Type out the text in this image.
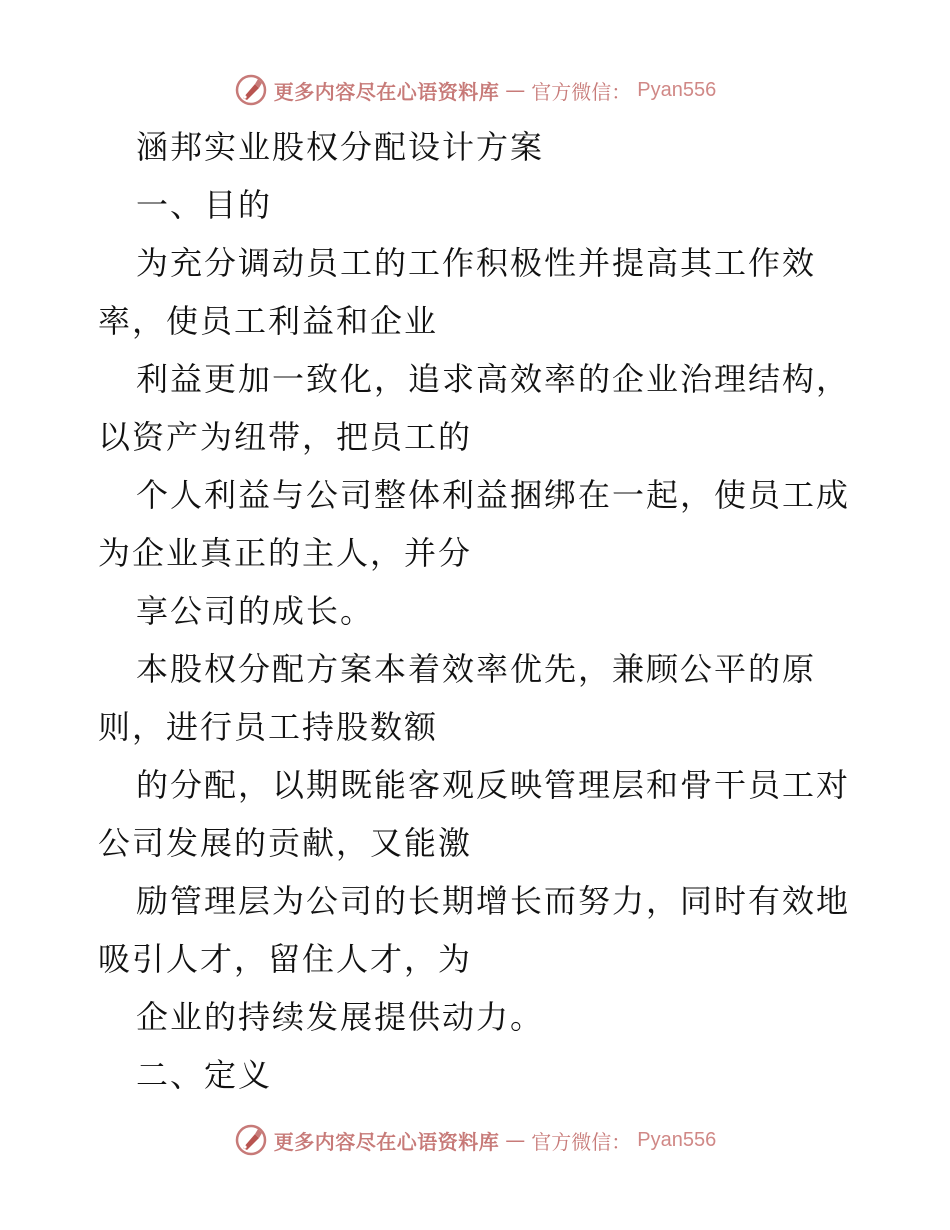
更多内容尽在心语资料库 — 官方微信： Pyan556
涵邦实业股权分配设计方案
一、目的
为充分调动员工的工作积极性并提高其工作效
率，使员工利益和企业
利益更加一致化，追求高效率的企业治理结构，
以资产为纽带，把员工的
个人利益与公司整体利益捆绑在一起，使员工成
为企业真正的主人，并分
享公司的成长。
本股权分配方案本着效率优先，兼顾公平的原
则，进行员工持股数额
的分配，以期既能客观反映管理层和骨干员工对
公司发展的贡献，又能激
励管理层为公司的长期增长而努力，同时有效地
吸引人才，留住人才，为
企业的持续发展提供动力。
二、定义
更多内容尽在心语资料库 — 官方微信： Pyan556
